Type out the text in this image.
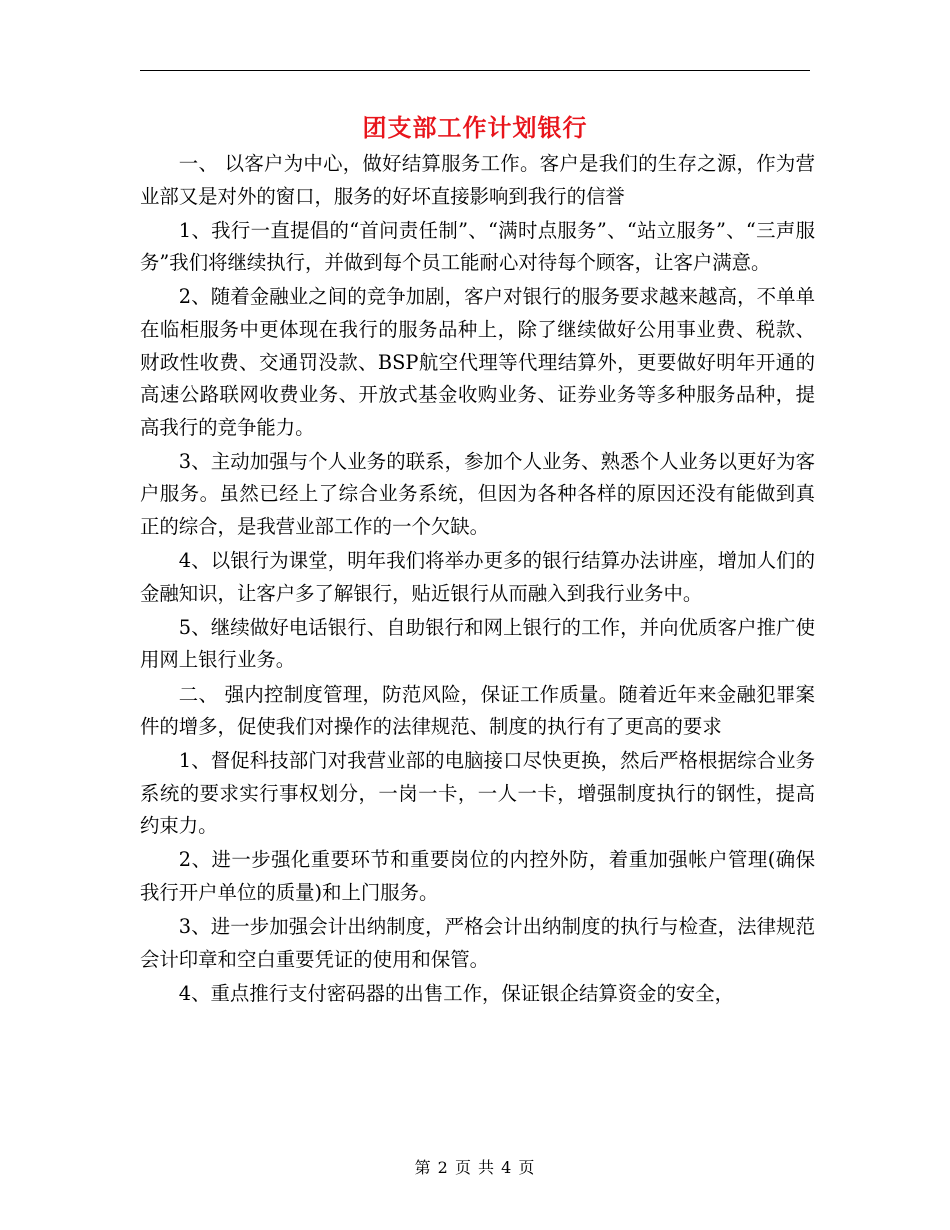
团支部工作计划银行

一、 以客户为中心，做好结算服务工作。客户是我们的生存之源，作为营业部又是对外的窗口，服务的好坏直接影响到我行的信誉

1、我行一直提倡的“首问责任制”、“满时点服务”、“站立服务”、“三声服务”我们将继续执行，并做到每个员工能耐心对待每个顾客，让客户满意。

2、随着金融业之间的竞争加剧，客户对银行的服务要求越来越高，不单单在临柜服务中更体现在我行的服务品种上，除了继续做好公用事业费、税款、财政性收费、交通罚没款、BSP航空代理等代理结算外，更要做好明年开通的高速公路联网收费业务、开放式基金收购业务、证券业务等多种服务品种，提高我行的竞争能力。

3、主动加强与个人业务的联系，参加个人业务、熟悉个人业务以更好为客户服务。虽然已经上了综合业务系统，但因为各种各样的原因还没有能做到真正的综合，是我营业部工作的一个欠缺。

4、以银行为课堂，明年我们将举办更多的银行结算办法讲座，增加人们的金融知识，让客户多了解银行，贴近银行从而融入到我行业务中。

5、继续做好电话银行、自助银行和网上银行的工作，并向优质客户推广使用网上银行业务。

二、 强内控制度管理，防范风险，保证工作质量。随着近年来金融犯罪案件的增多，促使我们对操作的法律规范、制度的执行有了更高的要求

1、督促科技部门对我营业部的电脑接口尽快更换，然后严格根据综合业务系统的要求实行事权划分，一岗一卡，一人一卡，增强制度执行的钢性，提高约束力。

2、进一步强化重要环节和重要岗位的内控外防，着重加强帐户管理(确保我行开户单位的质量)和上门服务。

3、进一步加强会计出纳制度，严格会计出纳制度的执行与检查，法律规范会计印章和空白重要凭证的使用和保管。

4、重点推行支付密码器的出售工作，保证银企结算资金的安全，

第 2 页 共 4 页
